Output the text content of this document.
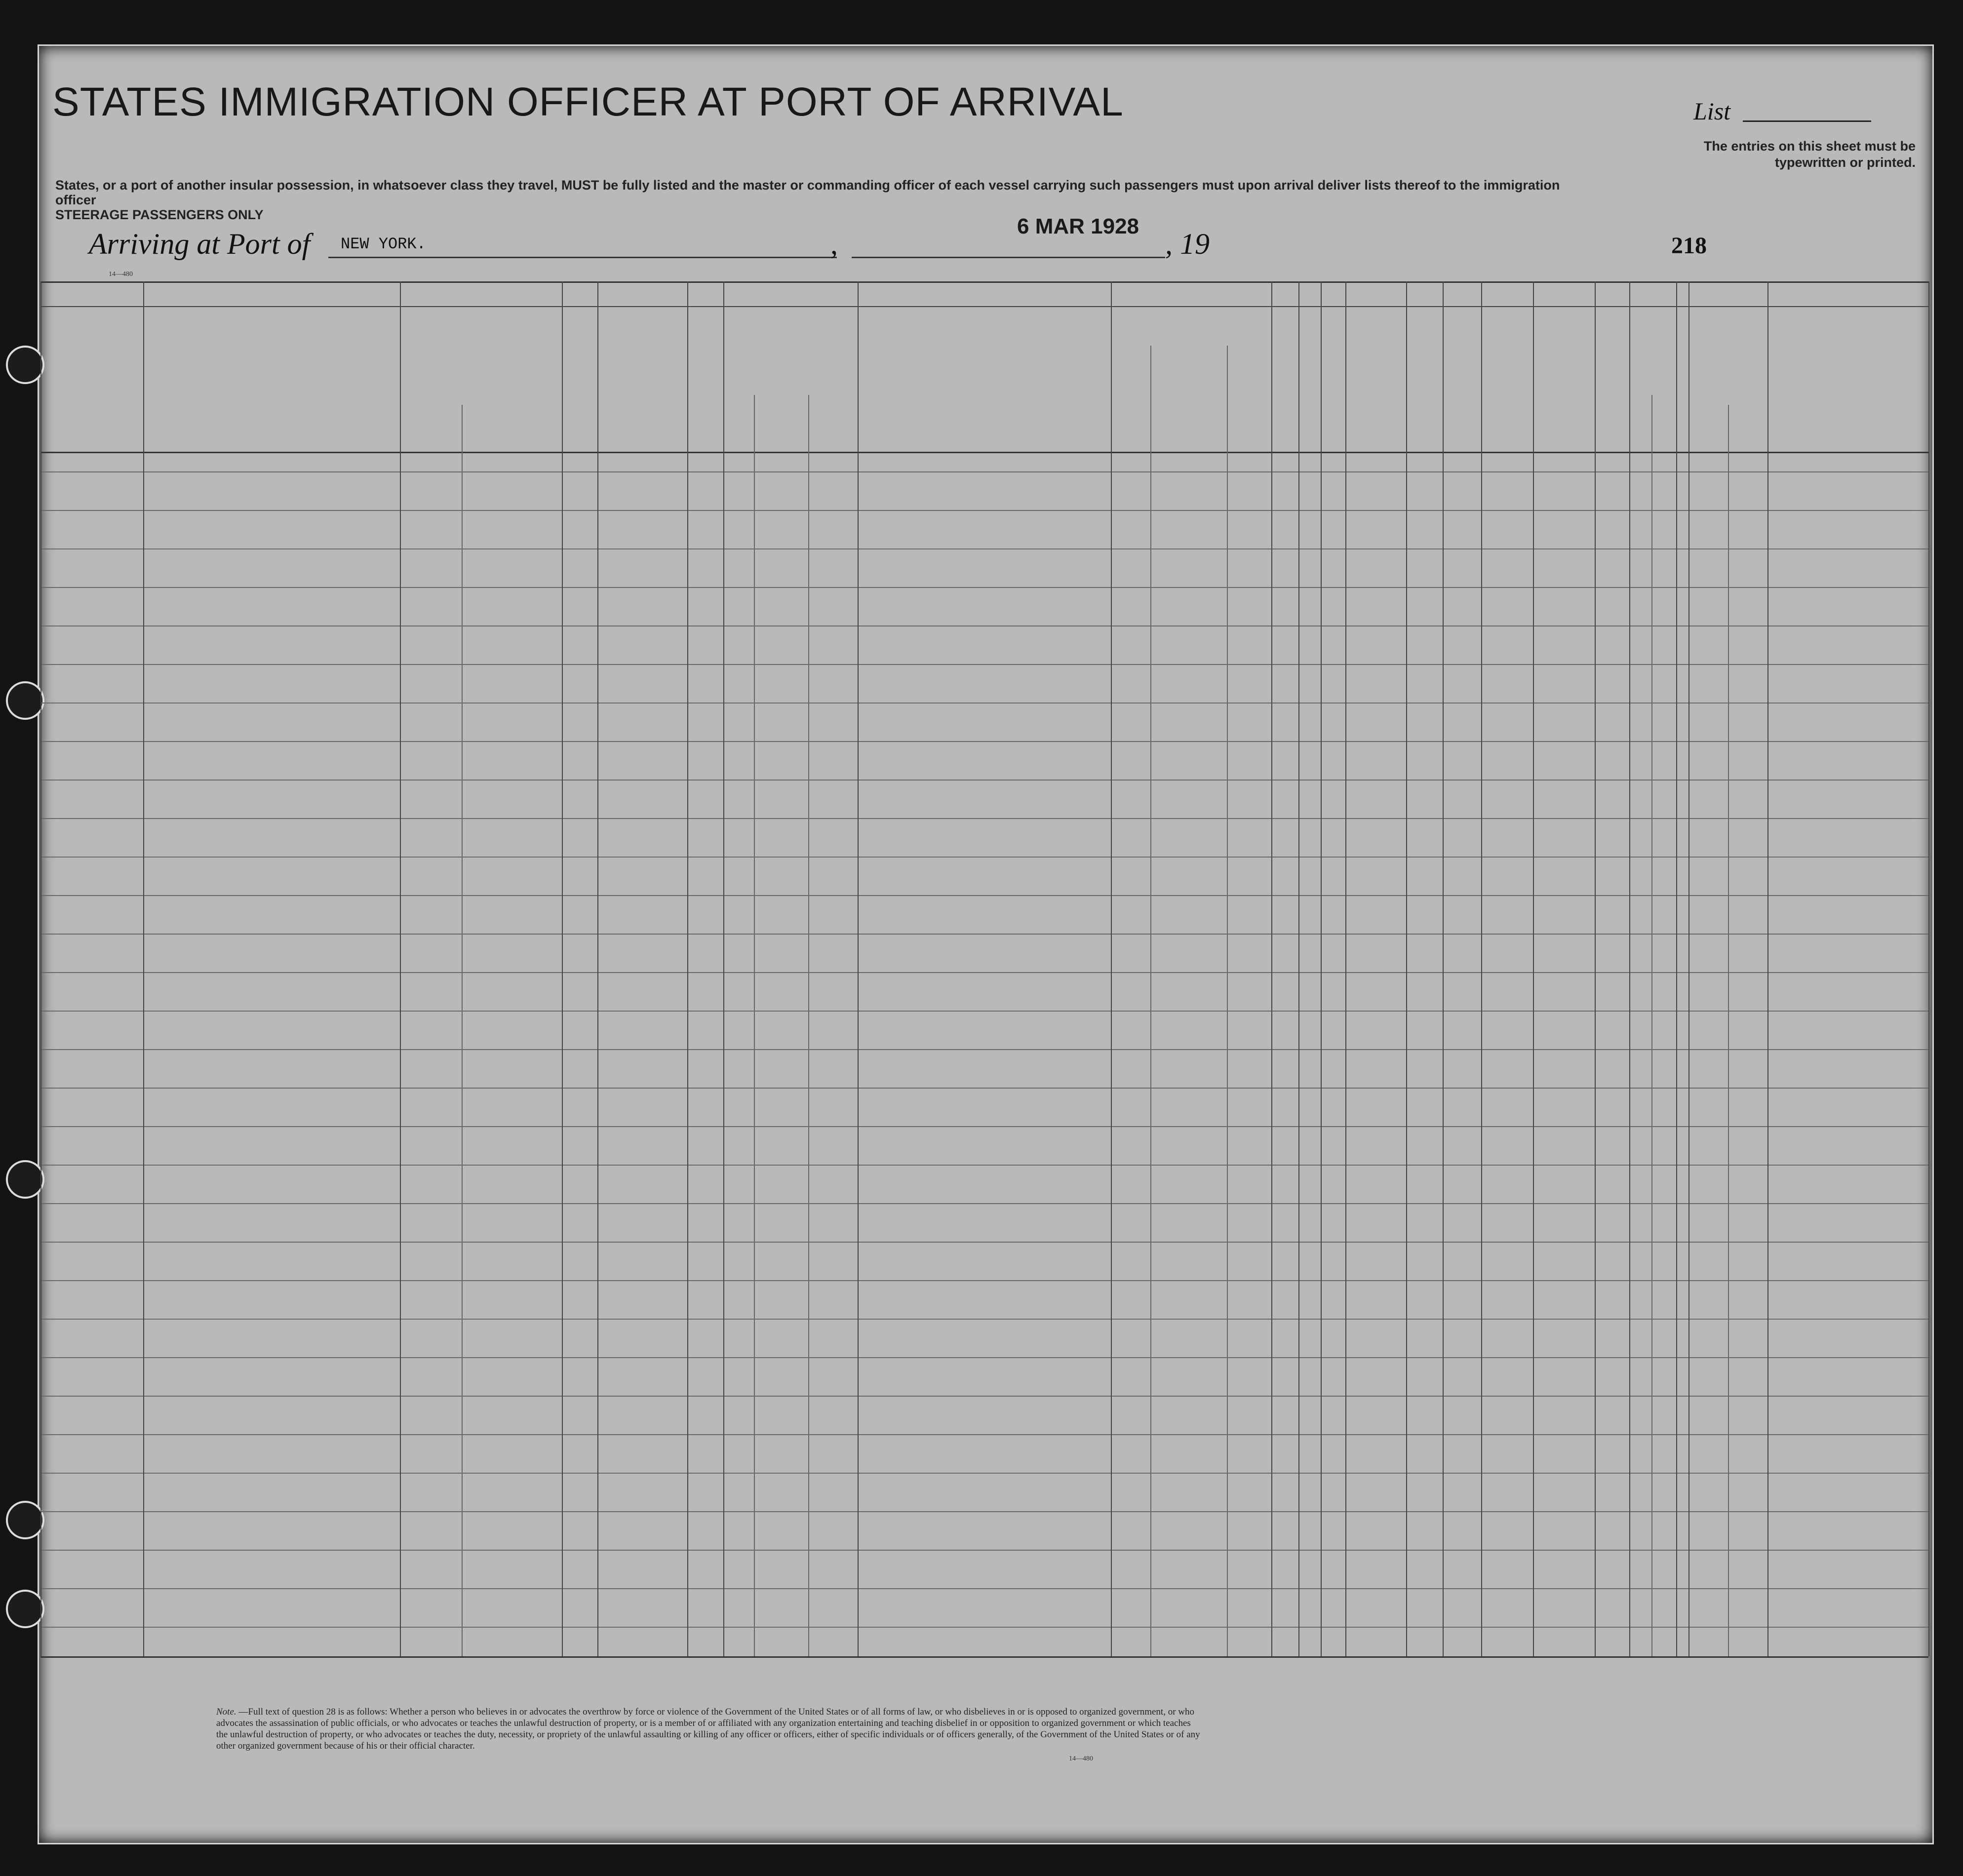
STATES IMMIGRATION OFFICER AT PORT OF ARRIVAL
States, or a port of another insular possession, in whatsoever class they travel, MUST be fully listed and the master or commanding officer of each vessel carrying such passengers must upon arrival deliver lists thereof to the immigration officer
STEERAGE PASSENGERS ONLY
List
The entries on this sheet must be typewritten or printed.
Arriving at Port of NEW YORK.	,
6 MAR 1928
, 19	218
14—480
Note. —Full text of question 28 is as follows: Whether a person who believes in or advocates the overthrow by force or violence of the Government of the United States or of all forms of law, or who disbelieves in or is opposed to organized government, or who advocates the assassination of public officials, or who advocates or teaches the unlawful destruction of property, or is a member of or affiliated with any organization entertaining and teaching disbelief in or opposition to organized government or which teaches the unlawful destruction of property, or who advocates or teaches the duty, necessity, or propriety of the unlawful assaulting or killing of any officer or officers, either of specific individuals or of officers generally, of the Government of the United States or of any other organized government because of his or their official character.
14—480
